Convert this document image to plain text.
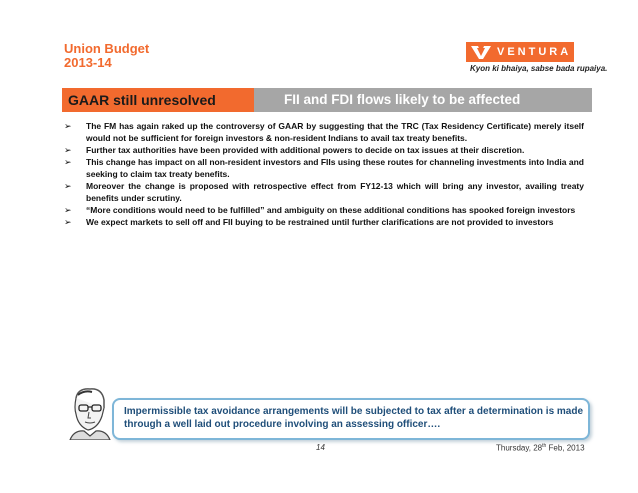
Union Budget
2013-14
VENTURA
Kyon ki bhaiya, sabse bada rupaiya.
GAAR still unresolved	FII and FDI flows likely to be affected
➢	The FM has again raked up the controversy of GAAR by suggesting that the TRC (Tax Residency Certificate) merely itself would not be sufficient for foreign investors & non-resident Indians to avail tax treaty benefits.
➢	Further tax authorities have been provided with additional powers to decide on tax issues at their discretion.
➢	This change has impact on all non-resident investors and FIIs using these routes for channeling investments into India and seeking to claim tax treaty benefits.
➢	Moreover the change is proposed with retrospective effect from FY12-13 which will bring any investor, availing treaty benefits under scrutiny.
➢	“More conditions would need to be fulfilled” and ambiguity on these additional conditions has spooked foreign investors
➢	We expect markets to sell off and FII buying to be restrained until further clarifications are not provided to investors
Impermissible tax avoidance arrangements will be subjected to tax after a determination is made through a well laid out procedure involving an assessing officer….
14	Thursday, 28th Feb, 2013
